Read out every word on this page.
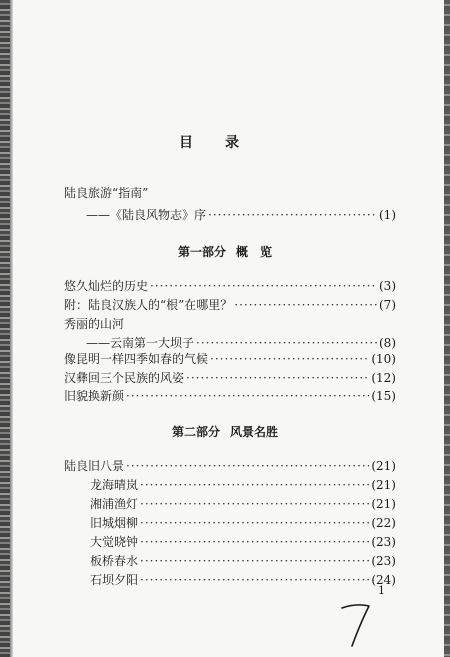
目录
陆良旅游“指南”
——《陆良风物志》序 ·····	(1)
第一部分 概　览
悠久灿烂的历史 ·····	(3)
附：陆良汉族人的“根”在哪里？ ·····	(7)
秀丽的山河
——云南第一大坝子 ·····	(8)
像昆明一样四季如春的气候 ·····	(10)
汉彝回三个民族的风姿 ·····	(12)
旧貌换新颜 ·····	(15)
第二部分 风景名胜
陆良旧八景 ·····	(21)
龙海晴岚 ·····	(21)
湘浦渔灯 ·····	(21)
旧城烟柳 ·····	(22)
大觉晓钟 ·····	(23)
板桥春水 ·····	(23)
石坝夕阳 ·····	(24)
1
